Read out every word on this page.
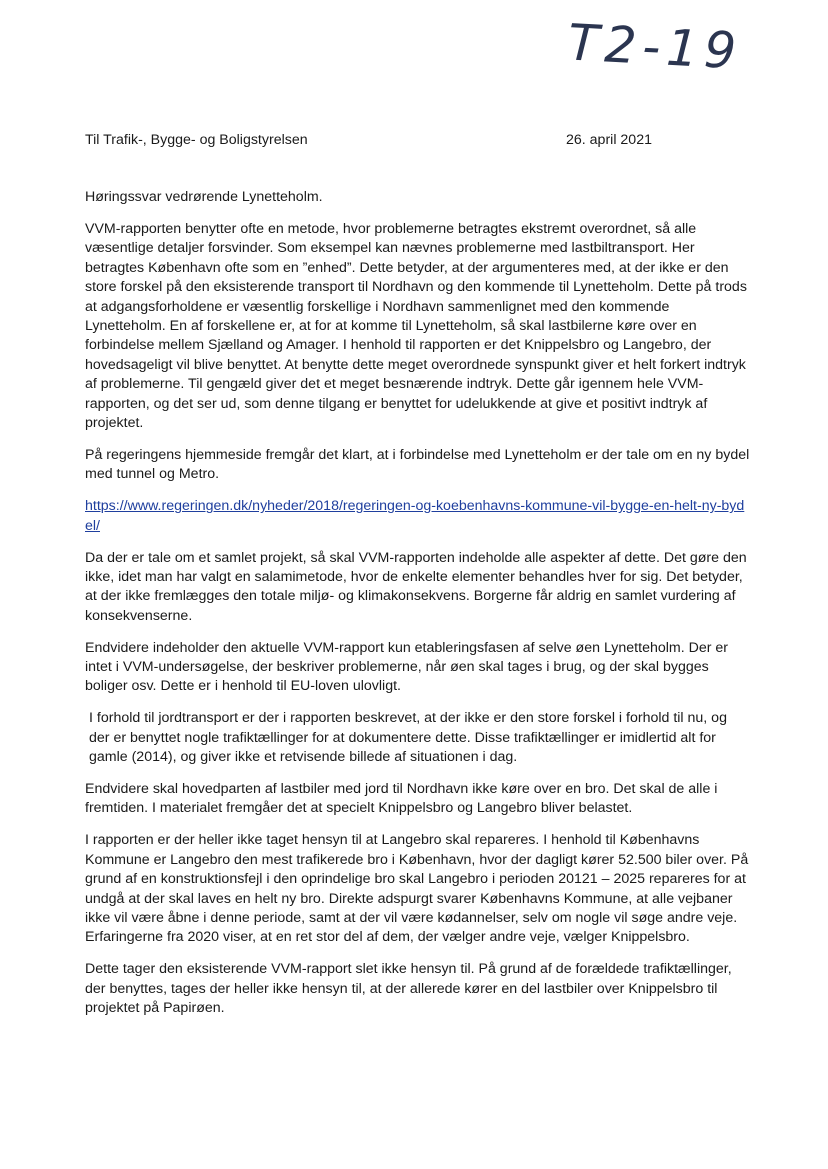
T2-19
Til Trafik-, Bygge- og Boligstyrelsen	26. april 2021

Høringssvar vedrørende Lynetteholm.

VVM-rapporten benytter ofte en metode, hvor problemerne betragtes ekstremt overordnet, så alle væsentlige detaljer forsvinder. Som eksempel kan nævnes problemerne med lastbiltransport. Her betragtes København ofte som en ”enhed”. Dette betyder, at der argumenteres med, at der ikke er den store forskel på den eksisterende transport til Nordhavn og den kommende til Lynetteholm. Dette på trods at adgangsforholdene er væsentlig forskellige i Nordhavn sammenlignet med den kommende Lynetteholm. En af forskellene er, at for at komme til Lynetteholm, så skal lastbilerne køre over en forbindelse mellem Sjælland og Amager. I henhold til rapporten er det Knippelsbro og Langebro, der hovedsageligt vil blive benyttet. At benytte dette meget overordnede synspunkt giver et helt forkert indtryk af problemerne. Til gengæld giver det et meget besnærende indtryk. Dette går igennem hele VVM-rapporten, og det ser ud, som denne tilgang er benyttet for udelukkende at give et positivt indtryk af projektet.

På regeringens hjemmeside fremgår det klart, at i forbindelse med Lynetteholm er der tale om en ny bydel med tunnel og Metro.

https://www.regeringen.dk/nyheder/2018/regeringen-og-koebenhavns-kommune-vil-bygge-en-helt-ny-bydel/

Da der er tale om et samlet projekt, så skal VVM-rapporten indeholde alle aspekter af dette. Det gøre den ikke, idet man har valgt en salamimetode, hvor de enkelte elementer behandles hver for sig. Det betyder, at der ikke fremlægges den totale miljø- og klimakonsekvens. Borgerne får aldrig en samlet vurdering af konsekvenserne.

Endvidere indeholder den aktuelle VVM-rapport kun etableringsfasen af selve øen Lynetteholm. Der er intet i VVM-undersøgelse, der beskriver problemerne, når øen skal tages i brug, og der skal bygges boliger osv. Dette er i henhold til EU-loven ulovligt.

I forhold til jordtransport er der i rapporten beskrevet, at der ikke er den store forskel i forhold til nu, og der er benyttet nogle trafiktællinger for at dokumentere dette. Disse trafiktællinger er imidlertid alt for gamle (2014), og giver ikke et retvisende billede af situationen i dag.

Endvidere skal hovedparten af lastbiler med jord til Nordhavn ikke køre over en bro. Det skal de alle i fremtiden. I materialet fremgåer det at specielt Knippelsbro og Langebro bliver belastet.

I rapporten er der heller ikke taget hensyn til at Langebro skal repareres. I henhold til Københavns Kommune er Langebro den mest trafikerede bro i København, hvor der dagligt kører 52.500 biler over. På grund af en konstruktionsfejl i den oprindelige bro skal Langebro i perioden 20121 – 2025 repareres for at undgå at der skal laves en helt ny bro. Direkte adspurgt svarer Københavns Kommune, at alle vejbaner ikke vil være åbne i denne periode, samt at der vil være kødannelser, selv om nogle vil søge andre veje. Erfaringerne fra 2020 viser, at en ret stor del af dem, der vælger andre veje, vælger Knippelsbro.

Dette tager den eksisterende VVM-rapport slet ikke hensyn til. På grund af de forældede trafiktællinger, der benyttes, tages der heller ikke hensyn til, at der allerede kører en del lastbiler over Knippelsbro til projektet på Papirøen.
